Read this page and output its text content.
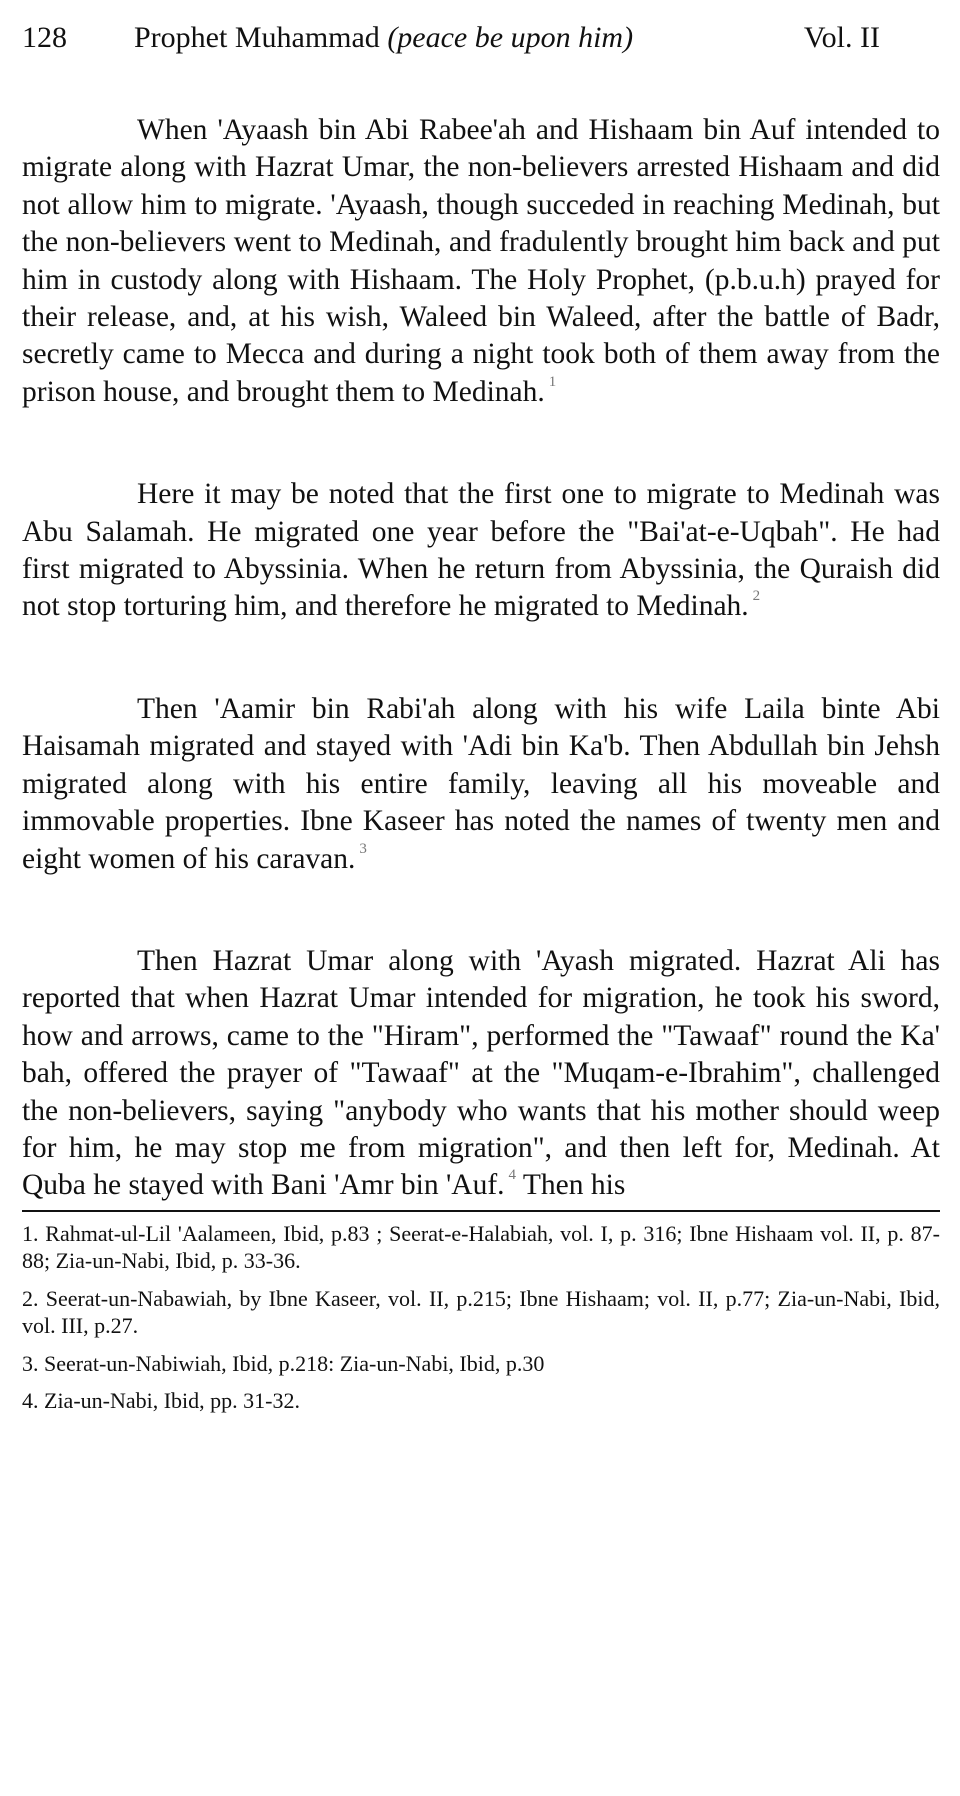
128 Prophet Muhammad (peace be upon him)	Vol. II

When 'Ayaash bin Abi Rabee'ah and Hishaam bin Auf intended to migrate along with Hazrat Umar, the non-believers arrested Hishaam and did not allow him to migrate. 'Ayaash, though succeded in reaching Medinah, but the non-believers went to Medinah, and fradulently brought him back and put him in custody along with Hishaam. The Holy Prophet, (p.b.u.h) prayed for their release, and, at his wish, Waleed bin Waleed, after the battle of Badr, secretly came to Mecca and during a night took both of them away from the prison house, and brought them to Medinah. $^1$

Here it may be noted that the first one to migrate to Medinah was Abu Salamah. He migrated one year before the "Bai'at-e-Uqbah". He had first migrated to Abyssinia. When he return from Abyssinia, the Quraish did not stop torturing him, and therefore he migrated to Medinah. $^2$

Then 'Aamir bin Rabi'ah along with his wife Laila binte Abi Haisamah migrated and stayed with 'Adi bin Ka'b. Then Abdullah bin Jehsh migrated along with his entire family, leaving all his moveable and immovable properties. Ibne Kaseer has noted the names of twenty men and eight women of his caravan. $^3$

Then Hazrat Umar along with 'Ayash migrated. Hazrat Ali has reported that when Hazrat Umar intended for migration, he took his sword, how and arrows, came to the "Hiram", performed the "Tawaaf" round the Ka' bah, offered the prayer of "Tawaaf" at the "Muqam-e-Ibrahim", challenged the non-believers, saying "anybody who wants that his mother should weep for him, he may stop me from migration", and then left for, Medinah. At Quba he stayed with Bani 'Amr bin 'Auf. $^4$ Then his

1. Rahmat-ul-Lil 'Aalameen, Ibid, p.83 ; Seerat-e-Halabiah, vol. I, p. 316; Ibne Hishaam vol. II, p. 87-88; Zia-un-Nabi, Ibid, p. 33-36.

2. Seerat-un-Nabawiah, by Ibne Kaseer, vol. II, p.215; Ibne Hishaam; vol. II, p.77; Zia-un-Nabi, Ibid, vol. III, p.27.

3. Seerat-un-Nabiwiah, Ibid, p.218: Zia-un-Nabi, Ibid, p.30

4. Zia-un-Nabi, Ibid, pp. 31-32.
